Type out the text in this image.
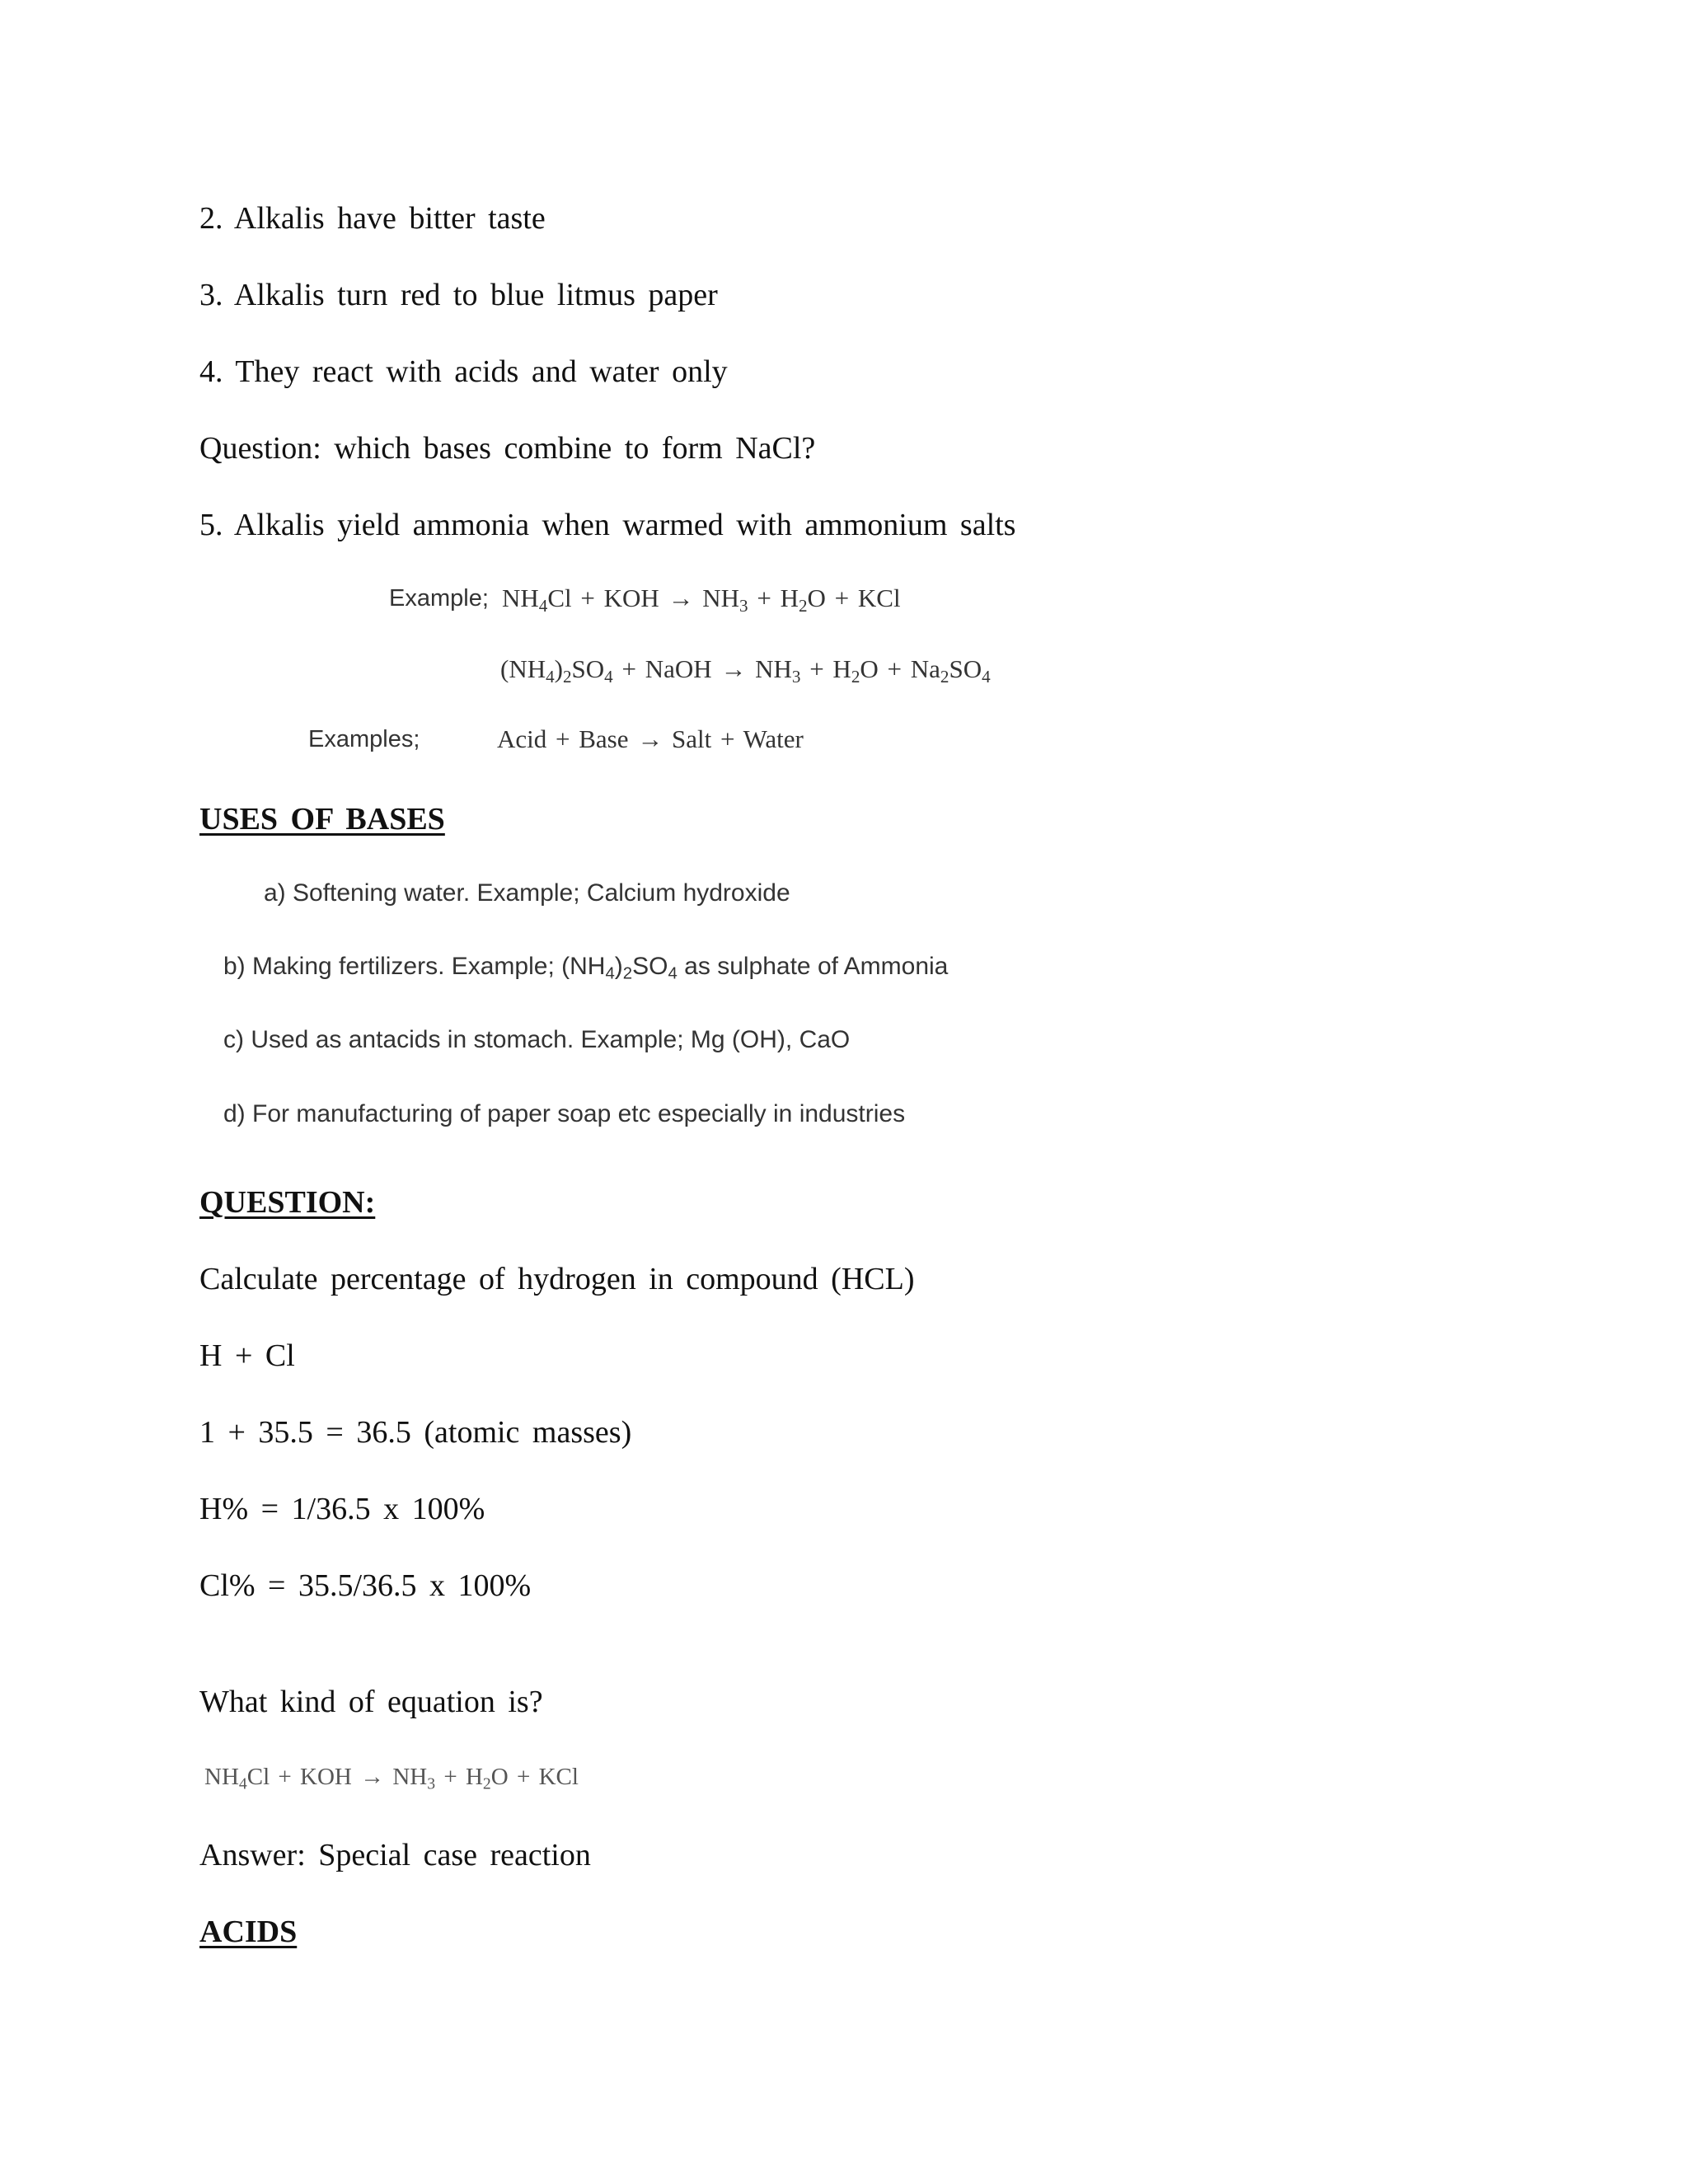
2. Alkalis have bitter taste
3. Alkalis turn red to blue litmus paper
4. They react with acids and water only
Question: which bases combine to form NaCl?
5. Alkalis yield ammonia when warmed with ammonium salts
Example; $NH_4Cl$ + KOH → $NH_3 + H_2O$ + KCl
$(NH_4)_2SO_4$ + NaOH → $NH_3 + H_2O + Na_2SO_4$
Examples;	Acid + Base → Salt + Water
USES OF BASES
a) Softening water. Example; Calcium hydroxide
b) Making fertilizers. Example; $(NH_4)_2SO_4$ as sulphate of Ammonia
c) Used as antacids in stomach. Example; Mg (OH), CaO
d) For manufacturing of paper soap etc especially in industries
QUESTION:
Calculate percentage of hydrogen in compound (HCL)
H + Cl
1 + 35.5 = 36.5 (atomic masses)
H% = 1/36.5 x 100%
Cl% = 35.5/36.5 x 100%
What kind of equation is?
$NH_4Cl$ + KOH → $NH_3 + H_2O$ + KCl
Answer: Special case reaction
ACIDS
